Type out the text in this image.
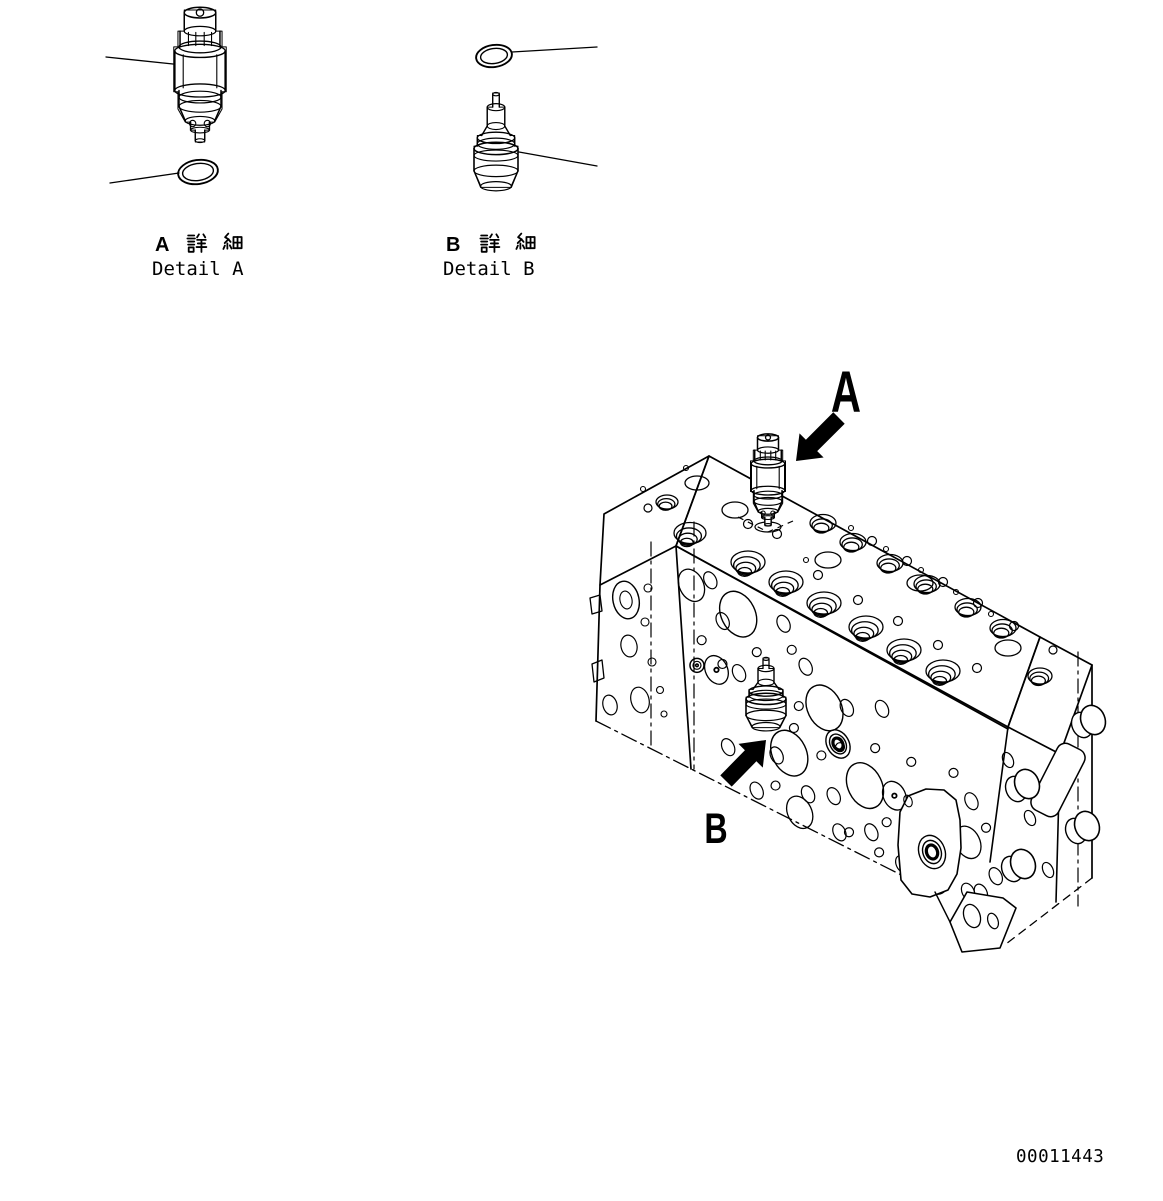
A
Detail A
B
Detail B
A
B
00011443
